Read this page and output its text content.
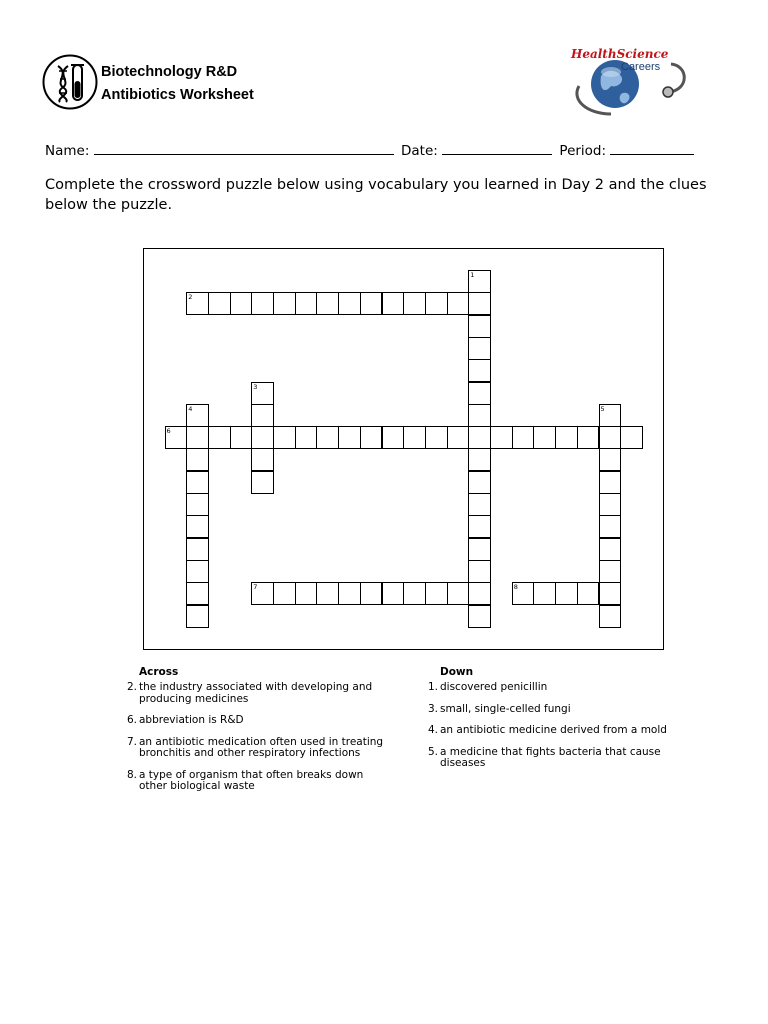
Biotechnology R&D
Antibiotics Worksheet
HealthScience
Careers
Name:	Date:	Period:
Complete the crossword puzzle below using vocabulary you learned in Day 2 and the clues below the puzzle.
1
2
3
4	5
6
7	8
Across
2. the industry associated with developing and producing medicines
6. abbreviation is R&D
7. an antibiotic medication often used in treating bronchitis and other respiratory infections
8. a type of organism that often breaks down other biological waste
Down
1. discovered penicillin
3. small, single-celled fungi
4. an antibiotic medicine derived from a mold
5. a medicine that fights bacteria that cause diseases
